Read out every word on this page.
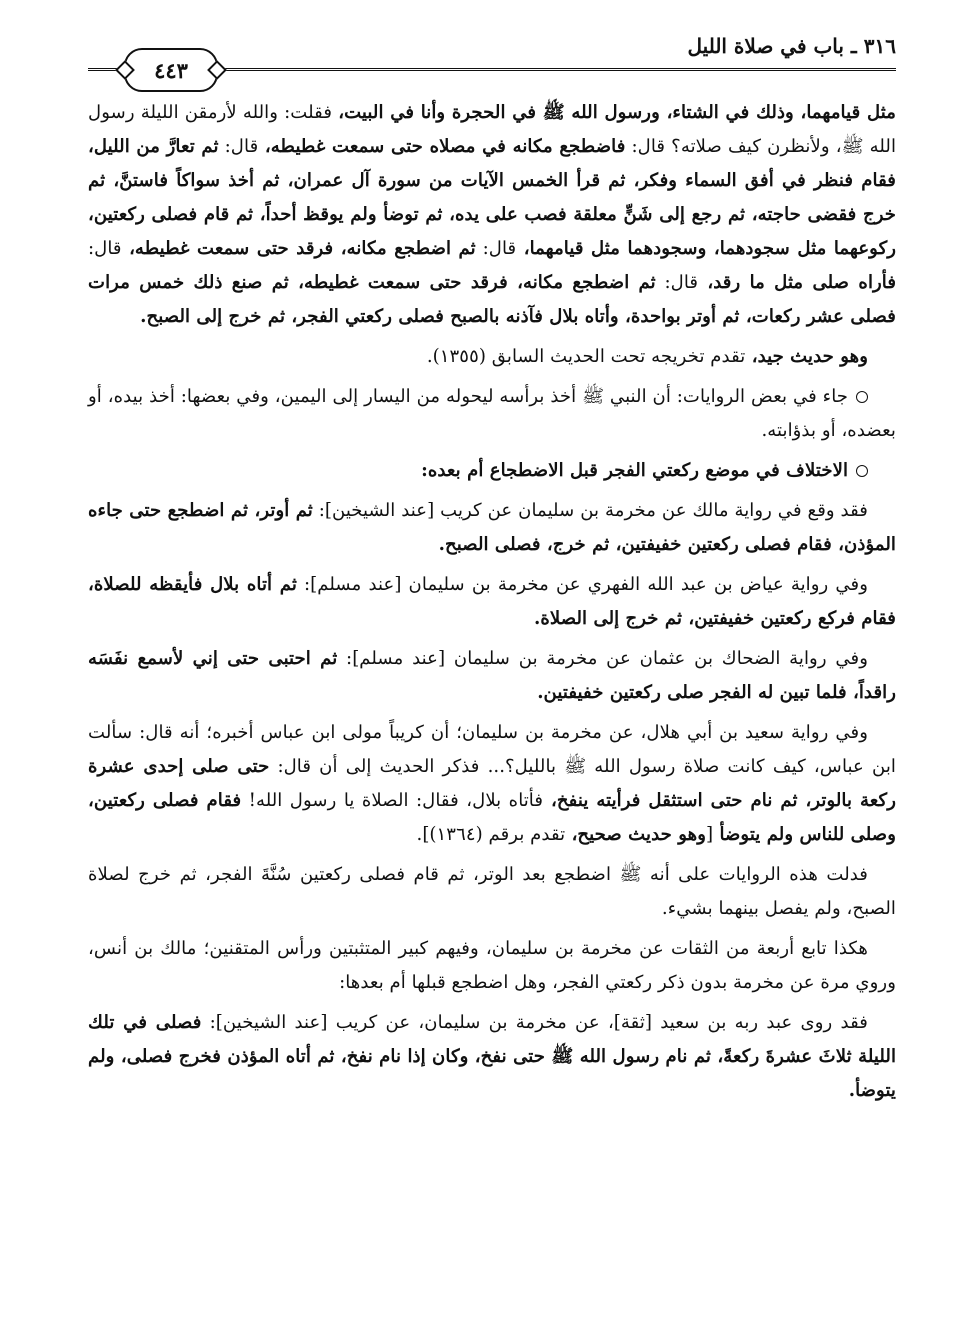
٣١٦ ـ باب في صلاة الليل
٤٤٣

مثل قيامهما، وذلك في الشتاء، ورسول الله ﷺ في الحجرة وأنا في البيت، فقلت: والله لأرمقن الليلة رسول الله ﷺ، ولأنظرن كيف صلاته؟ قال: فاضطجع مكانه في مصلاه حتى سمعت غطيطه، قال: ثم تعارَّ من الليل، فقام فنظر في أفق السماء وفكر، ثم قرأ الخمس الآيات من سورة آل عمران، ثم أخذ سواكاً فاستنَّ، ثم خرج فقضى حاجته، ثم رجع إلى شَنٍّ معلقة فصب على يده، ثم توضأ ولم يوقظ أحداً، ثم قام فصلى ركعتين، ركوعهما مثل سجودهما، وسجودهما مثل قيامهما، قال: ثم اضطجع مكانه، فرقد حتى سمعت غطيطه، قال: فأراه صلى مثل ما رقد، قال: ثم اضطجع مكانه، فرقد حتى سمعت غطيطه، ثم صنع ذلك خمس مرات فصلى عشر ركعات، ثم أوتر بواحدة، وأتاه بلال فآذنه بالصبح فصلى ركعتي الفجر، ثم خرج إلى الصبح.

وهو حديث جيد، تقدم تخريجه تحت الحديث السابق (١٣٥٥).

جاء في بعض الروايات: أن النبي ﷺ أخذ برأسه ليحوله من اليسار إلى اليمين، وفي بعضها: أخذ بيده، أو بعضده، أو بذؤابته.

الاختلاف في موضع ركعتي الفجر قبل الاضطجاع أم بعده:

فقد وقع في رواية مالك عن مخرمة بن سليمان عن كريب [عند الشيخين]: ثم أوتر، ثم اضطجع حتى جاءه المؤذن، فقام فصلى ركعتين خفيفتين، ثم خرج، فصلى الصبح.

وفي رواية عياض بن عبد الله الفهري عن مخرمة بن سليمان [عند مسلم]: ثم أتاه بلال فأيقظه للصلاة، فقام فركع ركعتين خفيفتين، ثم خرج إلى الصلاة.

وفي رواية الضحاك بن عثمان عن مخرمة بن سليمان [عند مسلم]: ثم احتبى حتى إني لأسمع نفَسَه راقداً، فلما تبين له الفجر صلى ركعتين خفيفتين.

وفي رواية سعيد بن أبي هلال، عن مخرمة بن سليمان؛ أن كريباً مولى ابن عباس أخبره؛ أنه قال: سألت ابن عباس، كيف كانت صلاة رسول الله ﷺ بالليل؟... فذكر الحديث إلى أن قال: حتى صلى إحدى عشرة ركعة بالوتر، ثم نام حتى استثقل فرأيته ينفخ، فأتاه بلال، فقال: الصلاة يا رسول الله! فقام فصلى ركعتين، وصلى للناس ولم يتوضأ [وهو حديث صحيح، تقدم برقم (١٣٦٤)].

فدلت هذه الروايات على أنه ﷺ اضطجع بعد الوتر، ثم قام فصلى ركعتين سُنَّةَ الفجر، ثم خرج لصلاة الصبح، ولم يفصل بينهما بشيء.

هكذا تابع أربعة من الثقات عن مخرمة بن سليمان، وفيهم كبير المتثبتين ورأس المتقنين؛ مالك بن أنس، وروي مرة عن مخرمة بدون ذكر ركعتي الفجر، وهل اضطجع قبلها أم بعدها:

فقد روى عبد ربه بن سعيد [ثقة]، عن مخرمة بن سليمان، عن كريب [عند الشيخين]: فصلى في تلك الليلة ثلاثَ عشرةَ ركعةً، ثم نام رسول الله ﷺ حتى نفخ، وكان إذا نام نفخ، ثم أتاه المؤذن فخرج فصلى، ولم يتوضأ.
